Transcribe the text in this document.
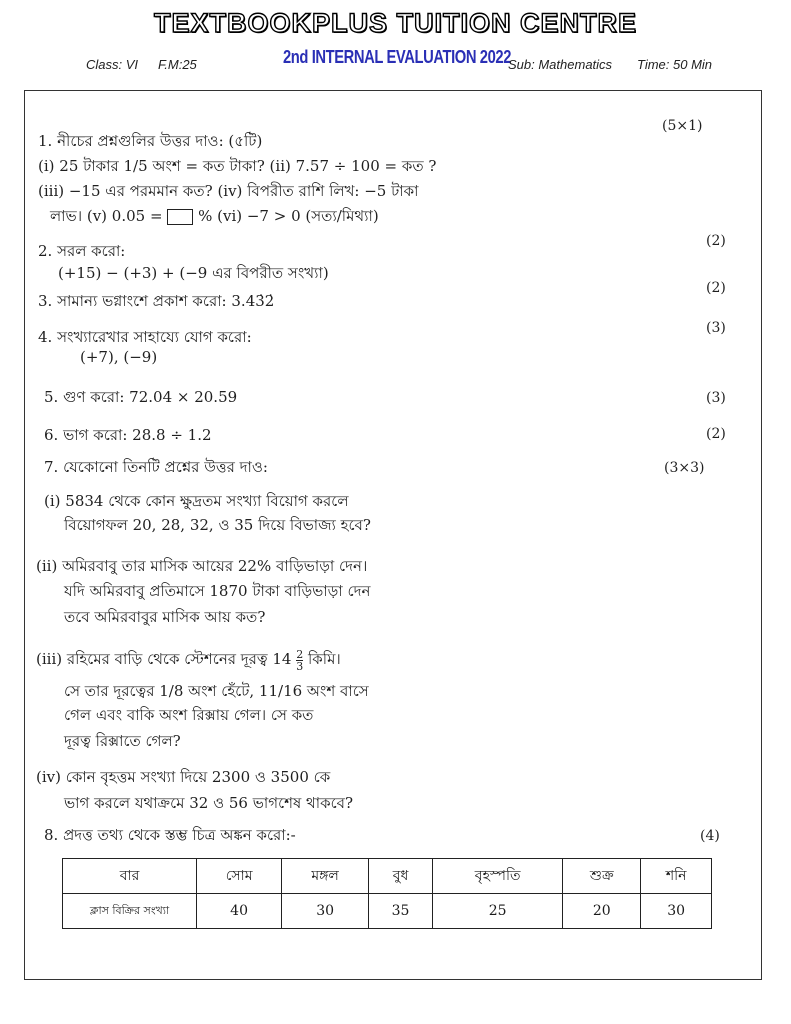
TEXTBOOKPLUS TUITION CENTRE
Class: VI F.M:25	2nd INTERNAL EVALUATION 2022
Sub: Mathematics Time: 50 Min
1. নীচের প্রশ্নগুলির উত্তর দাও: (৫টি)
(5×1)
(i) 25 টাকার 1/5 অংশ = কত টাকা? (ii) 7.57 ÷ 100 = কত ?
(iii) −15 এর পরমমান কত? (iv) বিপরীত রাশি লিখ: −5 টাকা
লাভ। (v) 0.05 = % (vi) −7 > 0 (সত্য/মিথ্যা)
2. সরল করো:
(+15) − (+3) + (−9 এর বিপরীত সংখ্যা)
(2)
3. সামান্য ভগ্নাংশে প্রকাশ করো: 3.43̇2̇
(2)
4. সংখ্যারেখার সাহায্যে যোগ করো:
(+7), (−9)
(3)
5. গুণ করো: 72.04 × 20.59	(3)
6. ভাগ করো: 28.8 ÷ 1.2	(2)
7. যেকোনো তিনটি প্রশ্নের উত্তর দাও:	(3×3)
(i) 5834 থেকে কোন ক্ষুদ্রতম সংখ্যা বিয়োগ করলে
বিয়োগফল 20, 28, 32, ও 35 দিয়ে বিভাজ্য হবে?
(ii) অমিরবাবু তার মাসিক আয়ের 22% বাড়িভাড়া দেন।
যদি অমিরবাবু প্রতিমাসে 1870 টাকা বাড়িভাড়া দেন
তবে অমিরবাবুর মাসিক আয় কত?
(iii) রহিমের বাড়ি থেকে স্টেশনের দূরত্ব $14 \frac{2}{3}$ কিমি।
সে তার দূরত্বের 1/8 অংশ হেঁটে, 11/16 অংশ বাসে
গেল এবং বাকি অংশ রিক্সায় গেল। সে কত
দূরত্ব রিক্সাতে গেল?
(iv) কোন বৃহত্তম সংখ্যা দিয়ে 2300 ও 3500 কে
ভাগ করলে যথাক্রমে 32 ও 56 ভাগশেষ থাকবে?
8. প্রদত্ত তথ্য থেকে স্তম্ভ চিত্র অঙ্কন করো:-	(4)
বার	সোম	মঙ্গল	বুধ	বৃহস্পতি	শুক্র	শনি
ক্লাস বিক্রির সংখ্যা	40	30	35	25	20	30
